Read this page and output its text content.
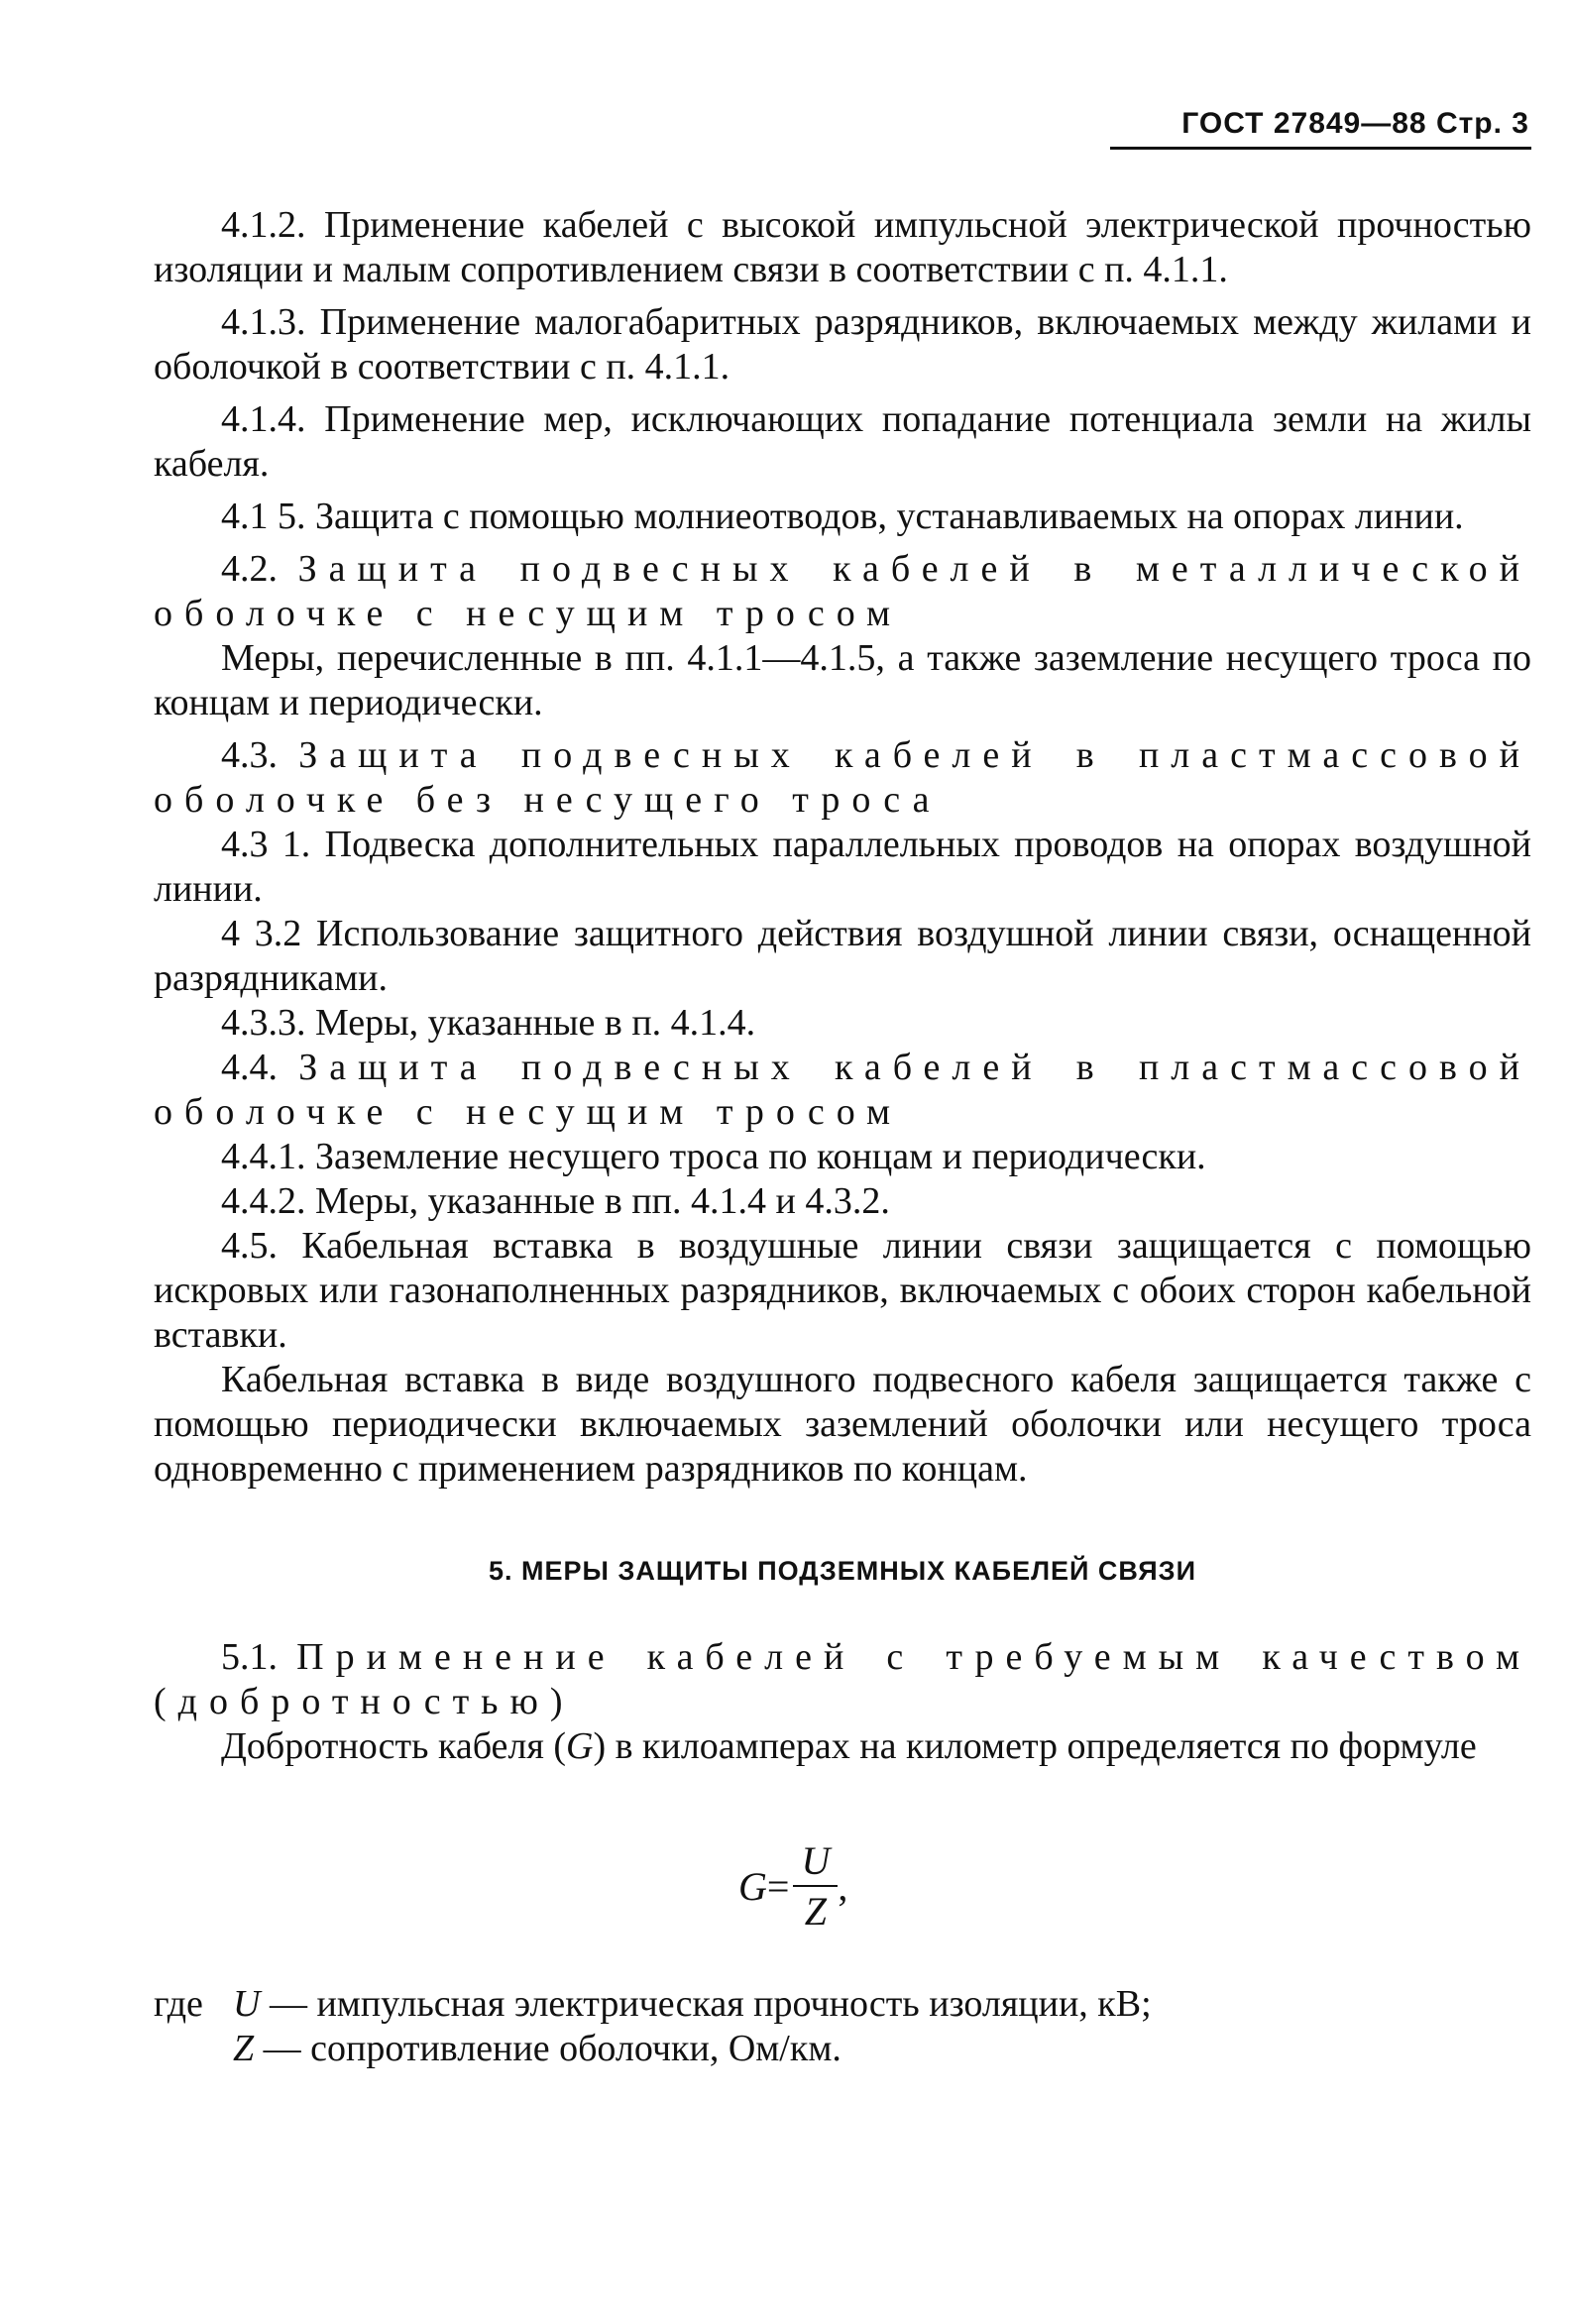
ГОСТ 27849—88 Стр. 3

4.1.2. Применение кабелей с высокой импульсной электрической прочностью изоляции и малым сопротивлением связи в соответствии с п. 4.1.1.

4.1.3. Применение малогабаритных разрядников, включаемых между жилами и оболочкой в соответствии с п. 4.1.1.

4.1.4. Применение мер, исключающих попадание потенциала земли на жилы кабеля.

4.1 5. Защита с помощью молниеотводов, устанавливаемых на опорах линии.

4.2. Защита подвесных кабелей в металлической оболочке с несущим тросом

Меры, перечисленные в пп. 4.1.1—4.1.5, а также заземление несущего троса по концам и периодически.

4.3. Защита подвесных кабелей в пластмассовой оболочке без несущего троса

4.3 1. Подвеска дополнительных параллельных проводов на опорах воздушной линии.

4 3.2 Использование защитного действия воздушной линии связи, оснащенной разрядниками.

4.3.3. Меры, указанные в п. 4.1.4.

4.4. Защита подвесных кабелей в пластмассовой оболочке с несущим тросом

4.4.1. Заземление несущего троса по концам и периодически.

4.4.2. Меры, указанные в пп. 4.1.4 и 4.3.2.

4.5. Кабельная вставка в воздушные линии связи защищается с помощью искровых или газонаполненных разрядников, включаемых с обоих сторон кабельной вставки.

Кабельная вставка в виде воздушного подвесного кабеля защищается также с помощью периодически включаемых заземлений оболочки или несущего троса одновременно с применением разрядников по концам.

5. МЕРЫ ЗАЩИТЫ ПОДЗЕМНЫХ КАБЕЛЕЙ СВЯЗИ

5.1. Применение кабелей с требуемым качеством (добротностью)

Добротность кабеля (G) в килоамперах на километр определяется по формуле

$G = \frac{U}{Z}$ ,
где U — импульсная электрическая прочность изоляции, кВ;
Z — сопротивление оболочки, Ом/км.
